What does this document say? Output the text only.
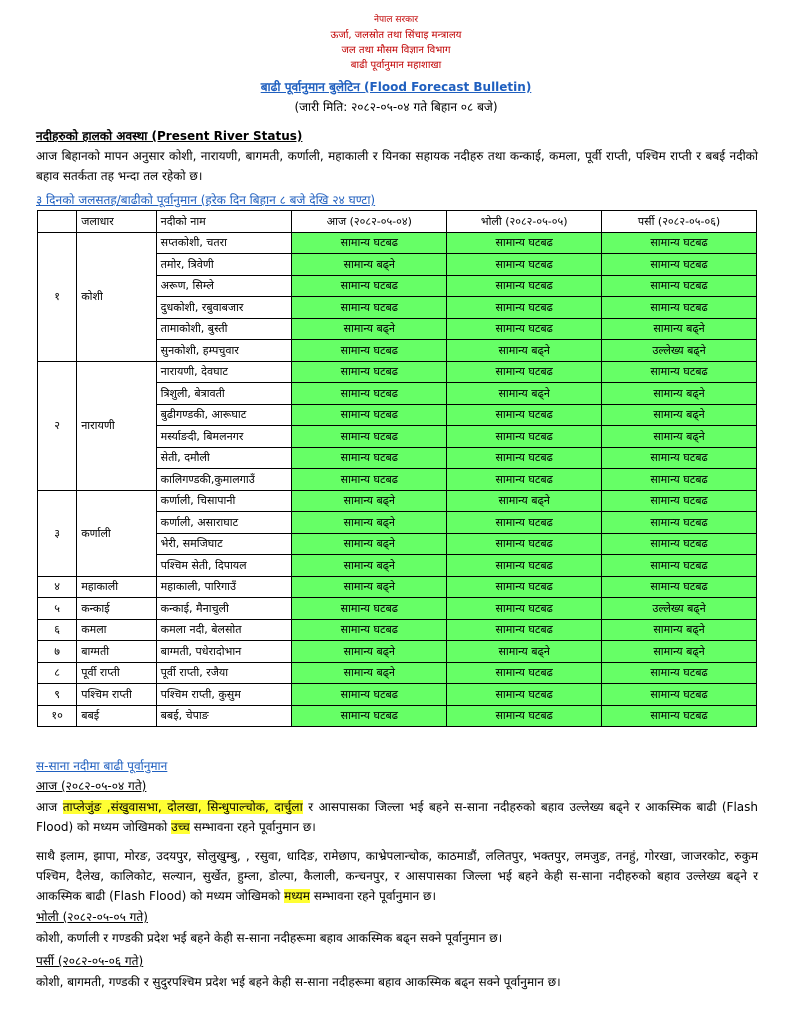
नेपाल सरकार
ऊर्जा, जलस्रोत तथा सिंचाइ मन्त्रालय
जल तथा मौसम विज्ञान विभाग
बाढी पूर्वानुमान महाशाखा
बाढी पूर्वानुमान बुलेटिन (Flood Forecast Bulletin)
(जारी मिति: २०८२-०५-०४ गते बिहान ०८ बजे)
नदीहरुको हालको अवस्था (Present River Status)
आज बिहानको मापन अनुसार कोशी, नारायणी, बागमती, कर्णाली, महाकाली र यिनका सहायक नदीहरु तथा कन्काई, कमला, पूर्वी राप्ती, पश्चिम राप्ती र बबई नदीको बहाव सतर्कता तह भन्दा तल रहेको छ।
३ दिनको जलसतह/बाढीको पूर्वानुमान (हरेक दिन बिहान ८ बजे देखि २४ घण्टा)
	जलाधार	नदीको नाम	आज (२०८२-०५-०४)	भोली (२०८२-०५-०५)	पर्सी (२०८२-०५-०६)
१	कोशी	सप्तकोशी, चतरा	सामान्य घटबढ	सामान्य घटबढ	सामान्य घटबढ
		तमोर, त्रिवेणी	सामान्य बढ्ने	सामान्य घटबढ	सामान्य घटबढ
		अरूण, सिम्ले	सामान्य घटबढ	सामान्य घटबढ	सामान्य घटबढ
		दुधकोशी, रबुवाबजार	सामान्य घटबढ	सामान्य घटबढ	सामान्य घटबढ
		तामाकोशी, बुस्ती	सामान्य बढ्ने	सामान्य घटबढ	सामान्य बढ्ने
		सुनकोशी, हम्पचुवार	सामान्य घटबढ	सामान्य बढ्ने	उल्लेख्य बढ्ने
२	नारायणी	नारायणी, देवघाट	सामान्य घटबढ	सामान्य घटबढ	सामान्य घटबढ
		त्रिशुली, बेत्रावती	सामान्य घटबढ	सामान्य बढ्ने	सामान्य बढ्ने
		बुढीगण्डकी, आरूघाट	सामान्य घटबढ	सामान्य घटबढ	सामान्य बढ्ने
		मर्स्याङदी, बिमलनगर	सामान्य घटबढ	सामान्य घटबढ	सामान्य बढ्ने
		सेती, दमौली	सामान्य घटबढ	सामान्य घटबढ	सामान्य घटबढ
		कालिगण्डकी,कुमालगाउँ	सामान्य घटबढ	सामान्य घटबढ	सामान्य घटबढ
३	कर्णाली	कर्णाली, चिसापानी	सामान्य बढ्ने	सामान्य बढ्ने	सामान्य घटबढ
		कर्णाली, असाराघाट	सामान्य बढ्ने	सामान्य घटबढ	सामान्य घटबढ
		भेरी, समजिघाट	सामान्य बढ्ने	सामान्य घटबढ	सामान्य घटबढ
		पश्चिम सेती, दिपायल	सामान्य बढ्ने	सामान्य घटबढ	सामान्य घटबढ
४	महाकाली	महाकाली, पारिगाउँ	सामान्य बढ्ने	सामान्य घटबढ	सामान्य घटबढ
५	कन्काई	कन्काई, मैनाचुली	सामान्य घटबढ	सामान्य घटबढ	उल्लेख्य बढ्ने
६	कमला	कमला नदी, बेलसोत	सामान्य घटबढ	सामान्य घटबढ	सामान्य बढ्ने
७	बाग्मती	बाग्मती, पधेरादोभान	सामान्य बढ्ने	सामान्य बढ्ने	सामान्य बढ्ने
८	पूर्वी राप्ती	पूर्वी राप्ती, रजैया	सामान्य बढ्ने	सामान्य घटबढ	सामान्य घटबढ
९	पश्चिम राप्ती	पश्चिम राप्ती, कुसुम	सामान्य घटबढ	सामान्य घटबढ	सामान्य घटबढ
१०	बबई	बबई, चेपाङ	सामान्य घटबढ	सामान्य घटबढ	सामान्य घटबढ
स-साना नदीमा बाढी पूर्वानुमान
आज (२०८२-०५-०४ गते)
आज ताप्लेजुंङ ,संखुवासभा, दोलखा, सिन्धुपाल्चोक, दार्चुला र आसपासका जिल्ला भई बहने स-साना नदीहरुको बहाव उल्लेख्य बढ्ने र आकस्मिक बाढी (Flash Flood) को मध्यम जोखिमको उच्च सम्भावना रहने पूर्वानुमान छ।
साथै इलाम, झापा, मोरङ, उदयपुर, सोलुखुम्बु, , रसुवा, धादिङ, रामेछाप, काभ्रेपलान्चोक, काठमाडौं, ललितपुर, भक्तपुर, लमजुङ, तनहुं, गोरखा, जाजरकोट, रुकुम पश्चिम, दैलेख, कालिकोट, सल्यान, सुर्खेत, हुम्ला, डोल्पा, कैलाली, कन्चनपुर, र आसपासका जिल्ला भई बहने केही स-साना नदीहरुको बहाव उल्लेख्य बढ्ने र आकस्मिक बाढी (Flash Flood) को मध्यम जोखिमको मध्यम सम्भावना रहने पूर्वानुमान छ।
भोली (२०८२-०५-०५ गते)
कोशी, कर्णाली र गण्डकी प्रदेश भई बहने केही स-साना नदीहरूमा बहाव आकस्मिक बढ्न सक्ने पूर्वानुमान छ।
पर्सी (२०८२-०५-०६ गते)
कोशी, बागमती, गण्डकी र सुदुरपश्चिम प्रदेश भई बहने केही स-साना नदीहरूमा बहाव आकस्मिक बढ्न सक्ने पूर्वानुमान छ।
